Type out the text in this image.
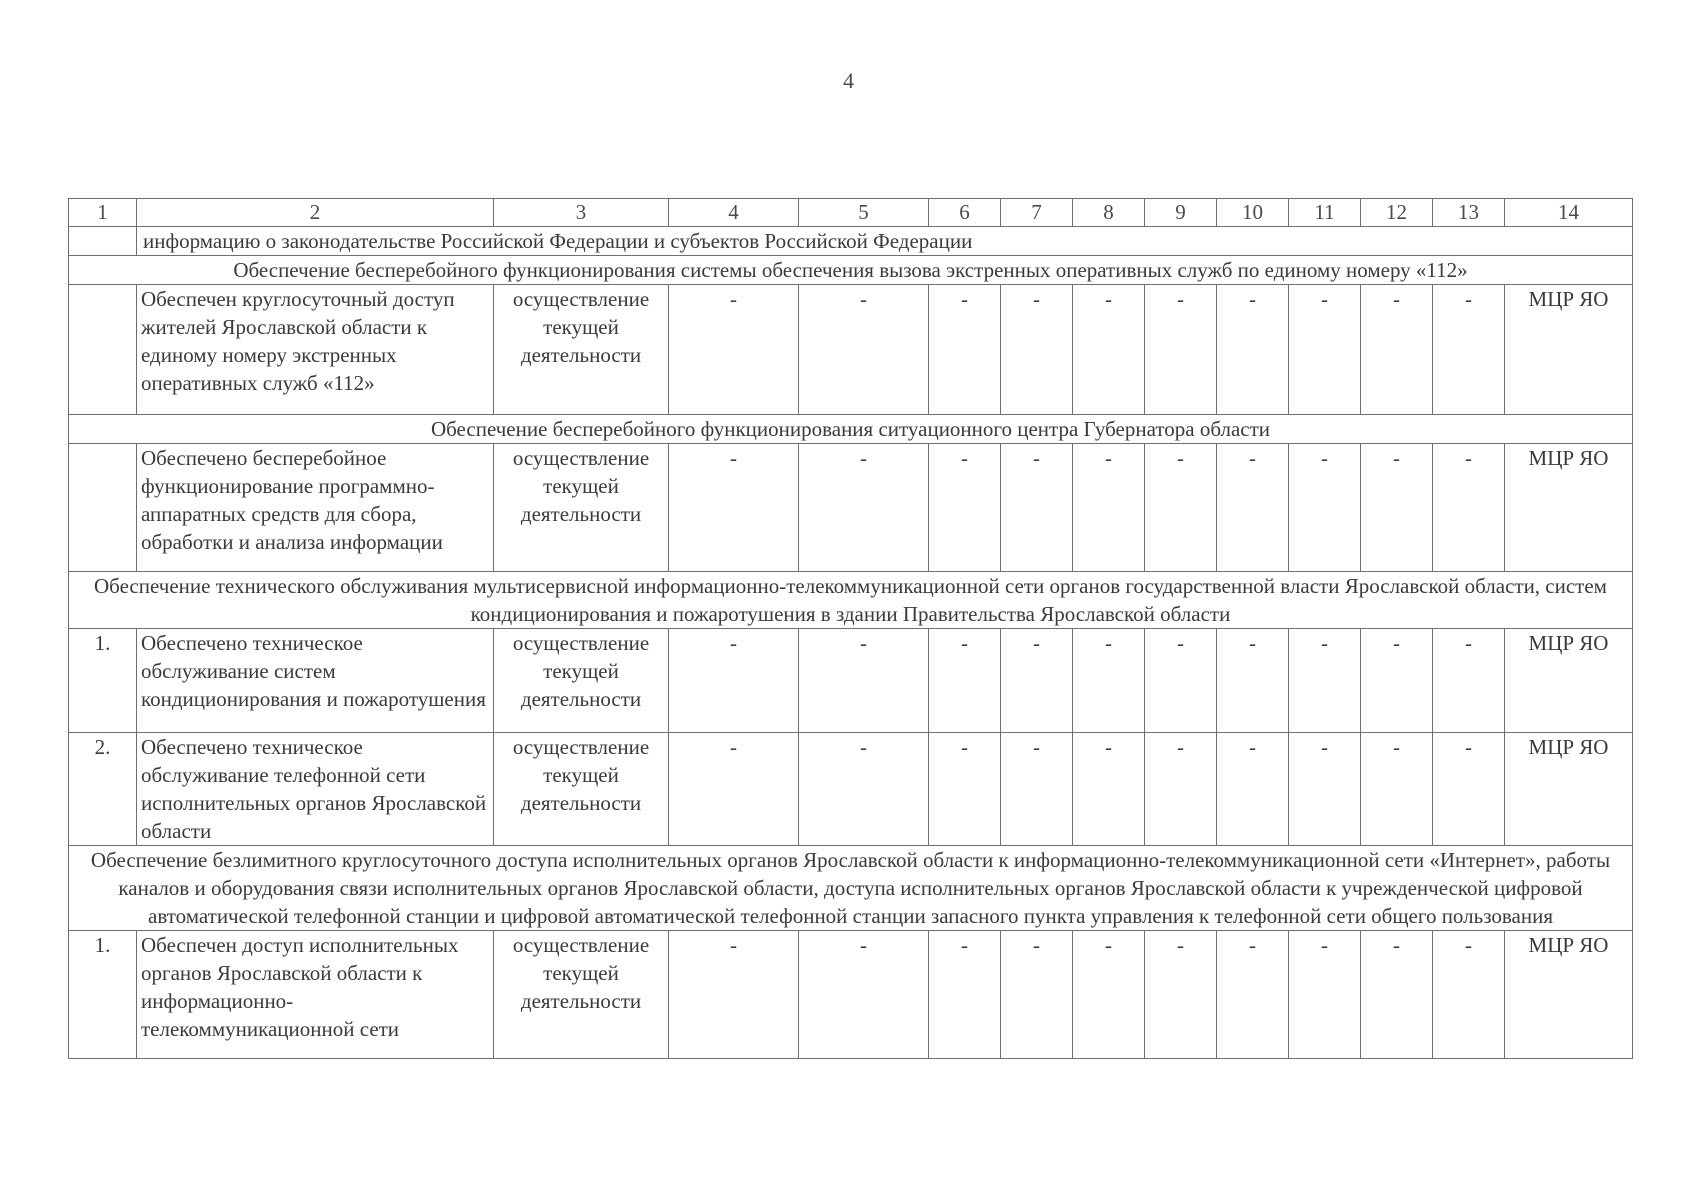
4
1	2	3	4	5	6	7	8	9	10	11	12	13	14
	информацию о законодательстве Российской Федерации и субъектов Российской Федерации												
Обеспечение бесперебойного функционирования системы обеспечения вызова экстренных оперативных служб по единому номеру «112»													
	Обеспечен круглосуточный доступ жителей Ярославской области к единому номеру экстренных оперативных служб «112»	осуществление текущей деятельности	-	-	-	-	-	-	-	-	-	-	МЦР ЯО
Обеспечение бесперебойного функционирования ситуационного центра Губернатора области													
	Обеспечено бесперебойное функционирование программно-аппаратных средств для сбора, обработки и анализа информации	осуществление текущей деятельности	-	-	-	-	-	-	-	-	-	-	МЦР ЯО
Обеспечение технического обслуживания мультисервисной информационно-телекоммуникационной сети органов государственной власти Ярославской области, систем кондиционирования и пожаротушения в здании Правительства Ярославской области													
1.	Обеспечено техническое обслуживание систем кондиционирования и пожаротушения	осуществление текущей деятельности	-	-	-	-	-	-	-	-	-	-	МЦР ЯО
2.	Обеспечено техническое обслуживание телефонной сети исполнительных органов Ярославской области	осуществление текущей деятельности	-	-	-	-	-	-	-	-	-	-	МЦР ЯО
Обеспечение безлимитного круглосуточного доступа исполнительных органов Ярославской области к информационно-телекоммуникационной сети «Интернет», работы каналов и оборудования связи исполнительных органов Ярославской области, доступа исполнительных органов Ярославской области к учрежденческой цифровой автоматической телефонной станции и цифровой автоматической телефонной станции запасного пункта управления к телефонной сети общего пользования													
1.	Обеспечен доступ исполнительных органов Ярославской области к информационно-телекоммуникационной сети	осуществление текущей деятельности	-	-	-	-	-	-	-	-	-	-	МЦР ЯО
